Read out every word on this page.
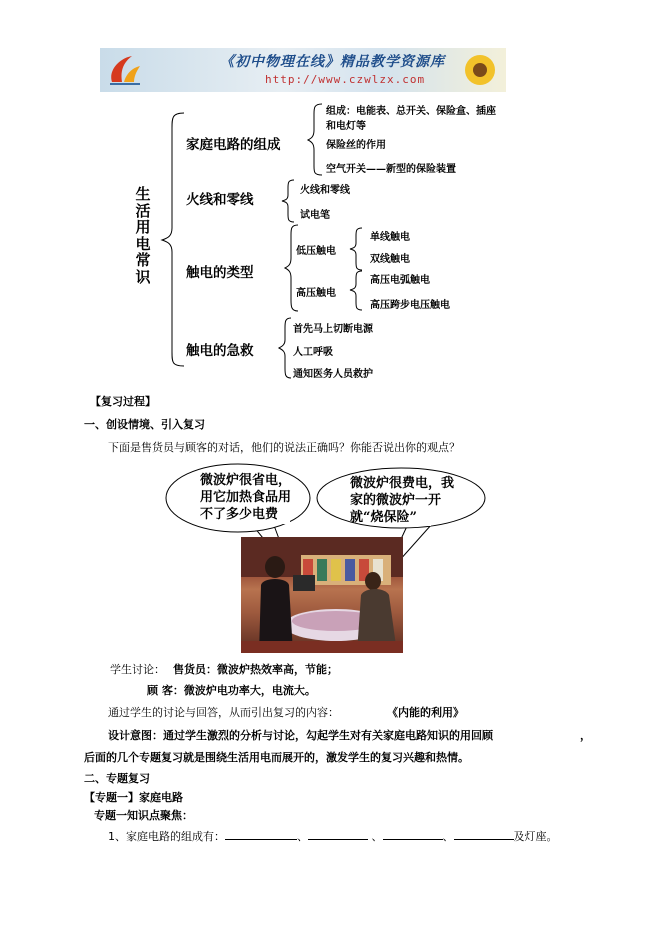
《初中物理在线》精品教学资源库
http://www.czwlzx.com
生活用电常识
家庭电路的组成
组成：电能表、总开关、保险盒、插座
和电灯等
保险丝的作用
空气开关——新型的保险装置
火线和零线
火线和零线
试电笔
触电的类型
低压触电
单线触电
双线触电
高压触电
高压电弧触电
高压跨步电压触电
触电的急救
首先马上切断电源
人工呼吸
通知医务人员救护
【复习过程】
一、创设情境、引入复习
下面是售货员与顾客的对话，他们的说法正确吗？你能否说出你的观点？
微波炉很省电，
用它加热食品用
不了多少电费
微波炉很费电，我
家的微波炉一开
就“烧保险”
学生讨论： 售货员：微波炉热效率高，节能；
顾 客：微波炉电功率大，电流大。
通过学生的讨论与回答，从而引出复习的内容：	《内能的利用》
设计意图：通过学生激烈的分析与讨论，勾起学生对有关家庭电路知识的用回顾	，
后面的几个专题复习就是围绕生活用电而展开的，激发学生的复习兴趣和热情。
二、专题复习
【专题一】家庭电路
专题一知识点聚焦：
1、家庭电路的组成有：	、	、	、	及灯座。
